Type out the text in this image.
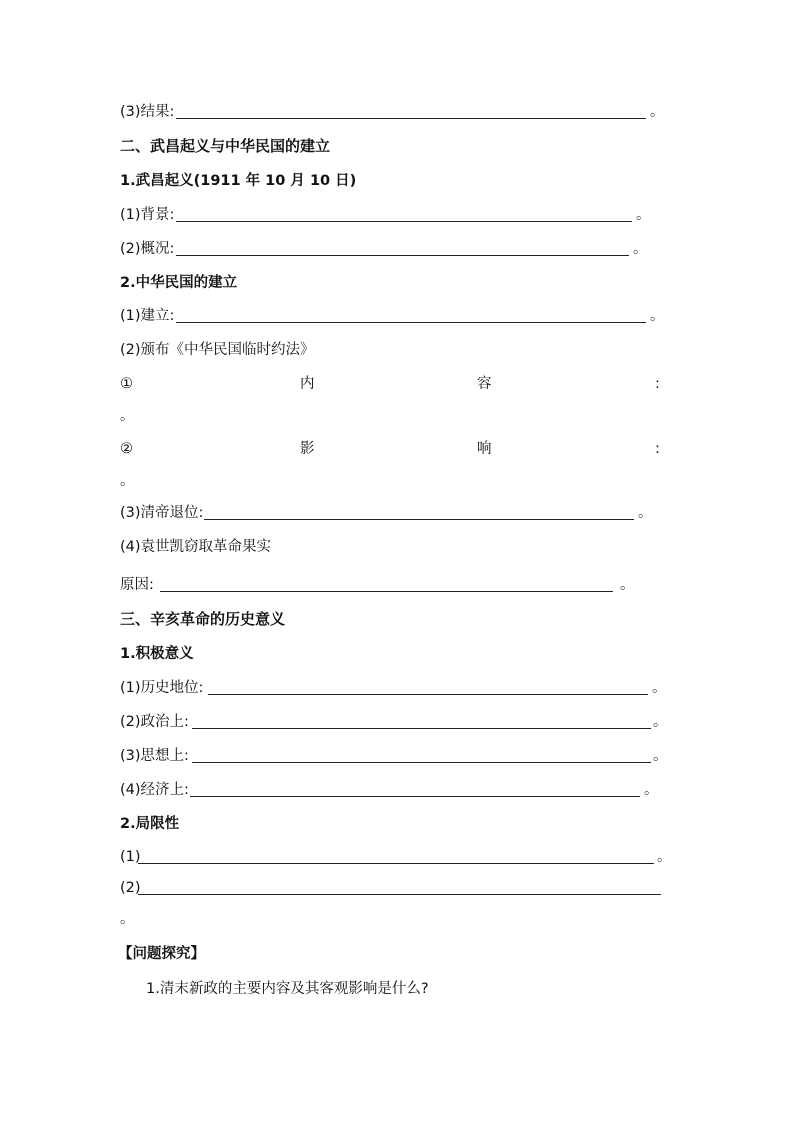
(3)结果:	。
二、武昌起义与中华民国的建立
1.武昌起义(1911 年 10 月 10 日)
(1)背景:	。
(2)概况:	。
2.中华民国的建立
(1)建立:	。
(2)颁布《中华民国临时约法》
①	内	容	:
。
②	影	响	:
。
(3)清帝退位:	。
(4)袁世凯窃取革命果实
原因:	。
三、辛亥革命的历史意义
1.积极意义
(1)历史地位:	。
(2)政治上:	。
(3)思想上:	。
(4)经济上:	。
2.局限性
(1)	。
(2)
。
【问题探究】
1.清末新政的主要内容及其客观影响是什么?
